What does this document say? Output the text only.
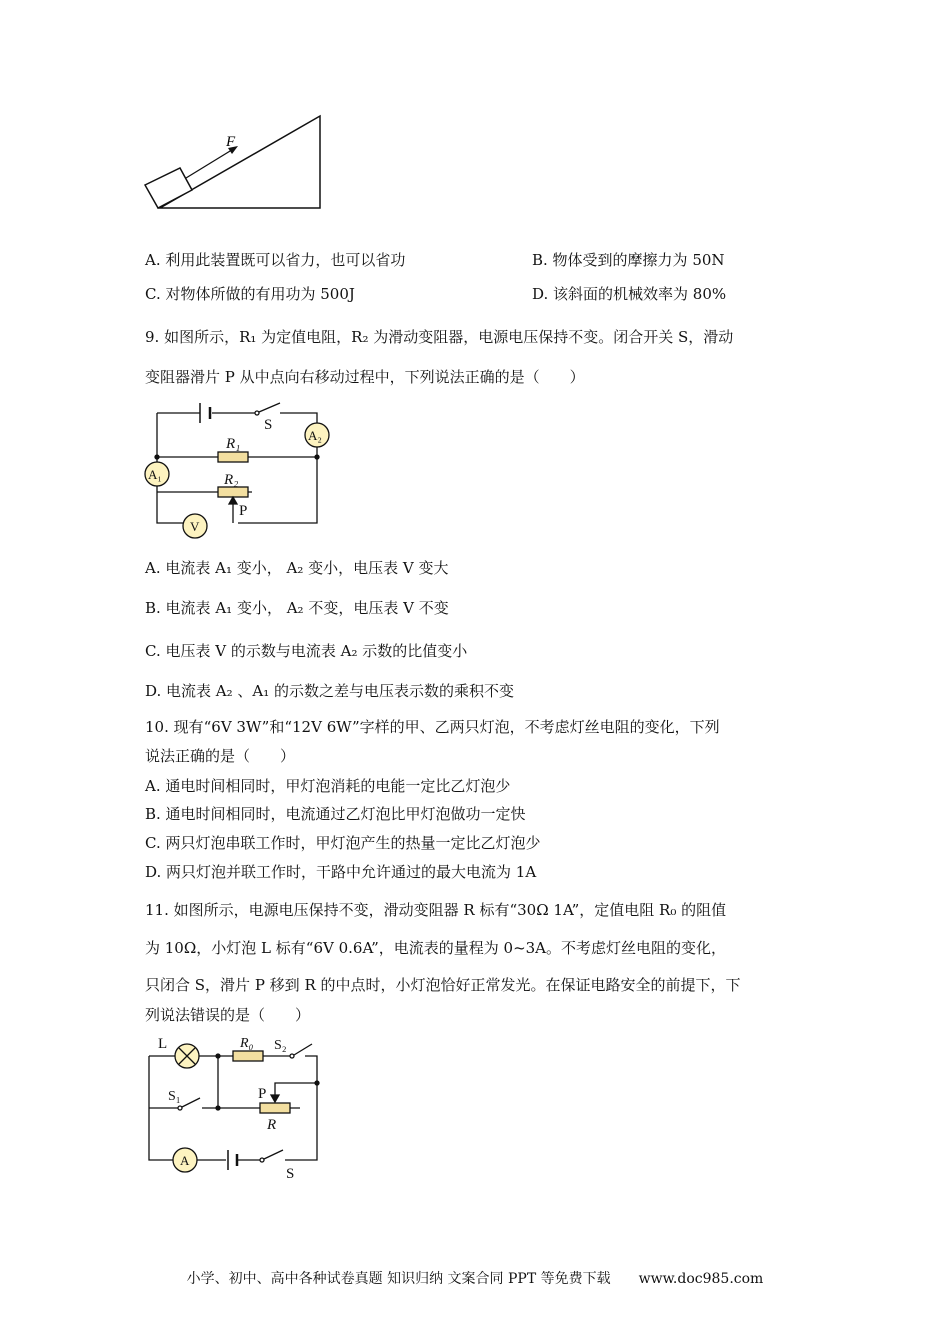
F
A. 利用此装置既可以省力，也可以省功	B. 物体受到的摩擦力为 50N
C. 对物体所做的有用功为 500J	D. 该斜面的机械效率为 80%
9. 如图所示，R₁ 为定值电阻，R₂ 为滑动变阻器，电源电压保持不变。闭合开关 S，滑动
变阻器滑片 P 从中点向右移动过程中，下列说法正确的是（　　）
S
A₂
R₁
A₁	R₂
P
V
A. 电流表 A₁ 变小， A₂ 变小，电压表 V 变大
B. 电流表 A₁ 变小， A₂ 不变，电压表 V 不变
C. 电压表 V 的示数与电流表 A₂ 示数的比值变小
D. 电流表 A₂ 、A₁ 的示数之差与电压表示数的乘积不变
10. 现有“6V 3W”和“12V 6W”字样的甲、乙两只灯泡，不考虑灯丝电阻的变化，下列
说法正确的是（　　）
A. 通电时间相同时，甲灯泡消耗的电能一定比乙灯泡少
B. 通电时间相同时，电流通过乙灯泡比甲灯泡做功一定快
C. 两只灯泡串联工作时，甲灯泡产生的热量一定比乙灯泡少
D. 两只灯泡并联工作时，干路中允许通过的最大电流为 1A
11. 如图所示，电源电压保持不变，滑动变阻器 R 标有“30Ω 1A”，定值电阻 R₀ 的阻值
为 10Ω，小灯泡 L 标有“6V 0.6A”，电流表的量程为 0~3A。不考虑灯丝电阻的变化，
只闭合 S，滑片 P 移到 R 的中点时，小灯泡恰好正常发光。在保证电路安全的前提下，下
列说法错误的是（　　）
L	R₀ S₂
S₁	P
R
A
S
小学、初中、高中各种试卷真题 知识归纳 文案合同 PPT 等免费下载　　www.doc985.com
